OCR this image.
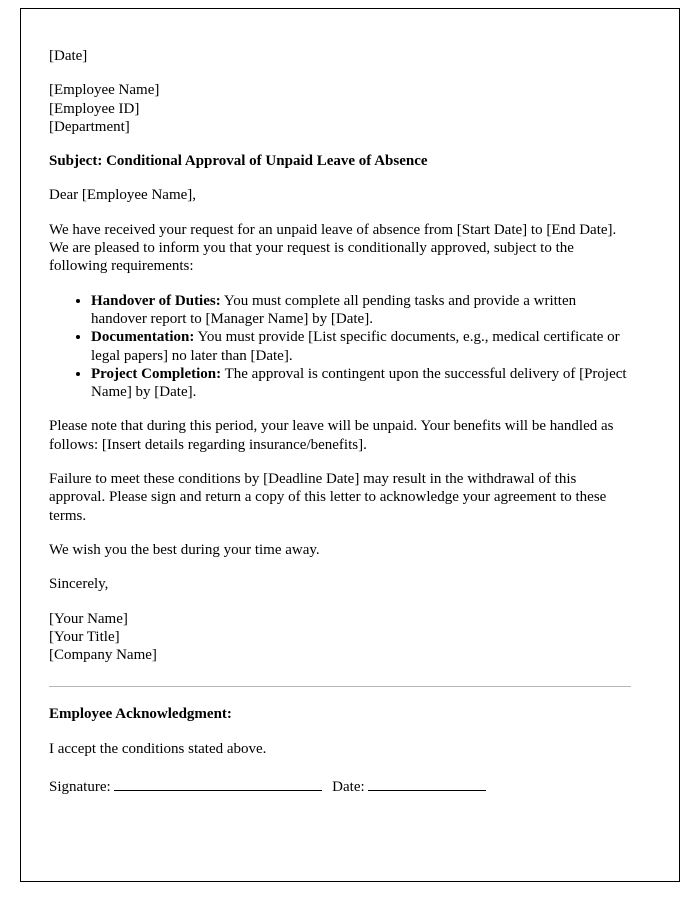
[Date]

[Employee Name]

[Employee ID]

[Department]

Subject: Conditional Approval of Unpaid Leave of Absence

Dear [Employee Name],

We have received your request for an unpaid leave of absence from [Start Date] to [End Date]. We are pleased to inform you that your request is conditionally approved, subject to the following requirements:

• Handover of Duties: You must complete all pending tasks and provide a written handover report to [Manager Name] by [Date].
• Documentation: You must provide [List specific documents, e.g., medical certificate or legal papers] no later than [Date].
• Project Completion: The approval is contingent upon the successful delivery of [Project Name] by [Date].

Please note that during this period, your leave will be unpaid. Your benefits will be handled as follows: [Insert details regarding insurance/benefits].

Failure to meet these conditions by [Deadline Date] may result in the withdrawal of this approval. Please sign and return a copy of this letter to acknowledge your agreement to these terms.

We wish you the best during your time away.

Sincerely,

[Your Name]

[Your Title]

[Company Name]

Employee Acknowledgment:

I accept the conditions stated above.

Signature:	Date:
